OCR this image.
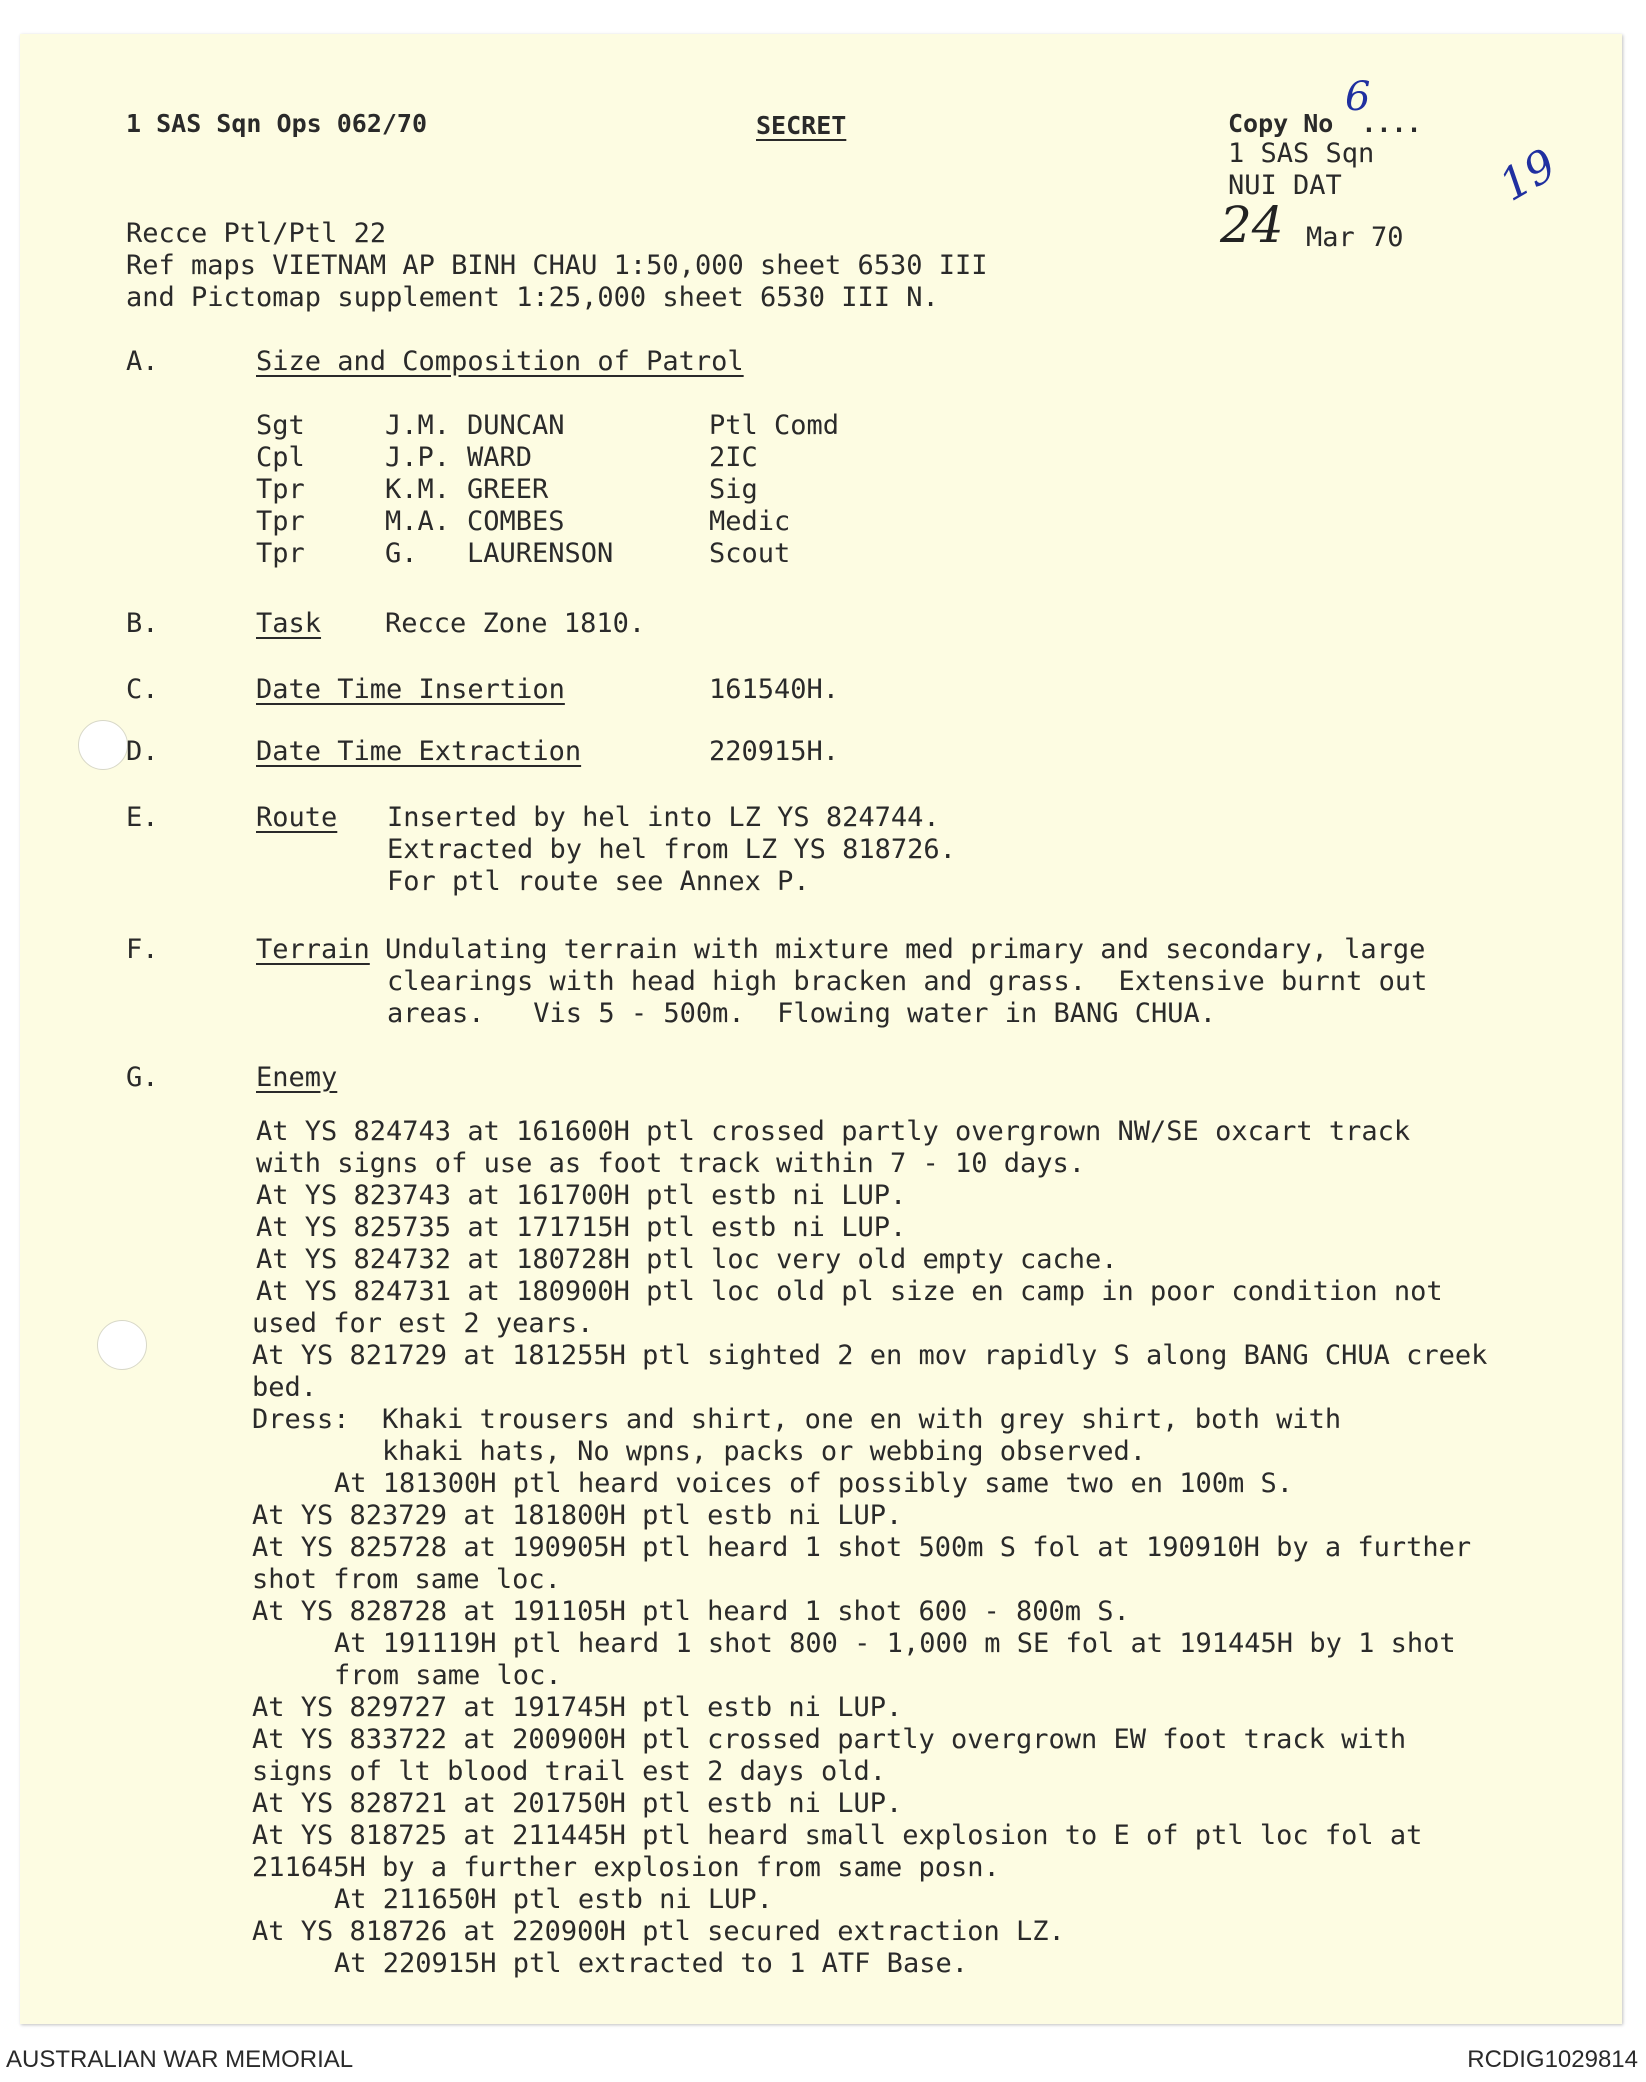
1 SAS Sqn Ops 062/70	SECRET	Copy No ....
6
1 SAS Sqn
NUI DAT
24 Mar 70
19
Recce Ptl/Ptl 22
Ref maps VIETNAM AP BINH CHAU 1:50,000 sheet 6530 III
and Pictomap supplement 1:25,000 sheet 6530 III N.
A.	Size and Composition of Patrol
Sgt	J.M. DUNCAN	Ptl Comd
Cpl	J.P. WARD	2IC
Tpr	K.M. GREER	Sig
Tpr	M.A. COMBES	Medic
Tpr	G. LAURENSON	Scout
B.	Task Recce Zone 1810.
C.	Date Time Insertion	161540H.
D.	Date Time Extraction	220915H.
E.	Route Inserted by hel into LZ YS 824744.
Extracted by hel from LZ YS 818726.
For ptl route see Annex P.
F.	Terrain Undulating terrain with mixture med primary and secondary, large
clearings with head high bracken and grass.  Extensive burnt out
areas.   Vis 5 - 500m.  Flowing water in BANG CHUA.
G.	Enemy
At YS 824743 at 161600H ptl crossed partly overgrown NW/SE oxcart track
with signs of use as foot track within 7 - 10 days.
At YS 823743 at 161700H ptl estb ni LUP.
At YS 825735 at 171715H ptl estb ni LUP.
At YS 824732 at 180728H ptl loc very old empty cache.
At YS 824731 at 180900H ptl loc old pl size en camp in poor condition not
used for est 2 years.
At YS 821729 at 181255H ptl sighted 2 en mov rapidly S along BANG CHUA creek
bed.
Dress:  Khaki trousers and shirt, one en with grey shirt, both with
khaki hats, No wpns, packs or webbing observed.
At 181300H ptl heard voices of possibly same two en 100m S.
At YS 823729 at 181800H ptl estb ni LUP.
At YS 825728 at 190905H ptl heard 1 shot 500m S fol at 190910H by a further
shot from same loc.
At YS 828728 at 191105H ptl heard 1 shot 600 - 800m S.
At 191119H ptl heard 1 shot 800 - 1,000 m SE fol at 191445H by 1 shot
from same loc.
At YS 829727 at 191745H ptl estb ni LUP.
At YS 833722 at 200900H ptl crossed partly overgrown EW foot track with
signs of lt blood trail est 2 days old.
At YS 828721 at 201750H ptl estb ni LUP.
At YS 818725 at 211445H ptl heard small explosion to E of ptl loc fol at
211645H by a further explosion from same posn.
At 211650H ptl estb ni LUP.
At YS 818726 at 220900H ptl secured extraction LZ.
At 220915H ptl extracted to 1 ATF Base.
AUSTRALIAN WAR MEMORIAL	RCDIG1029814
